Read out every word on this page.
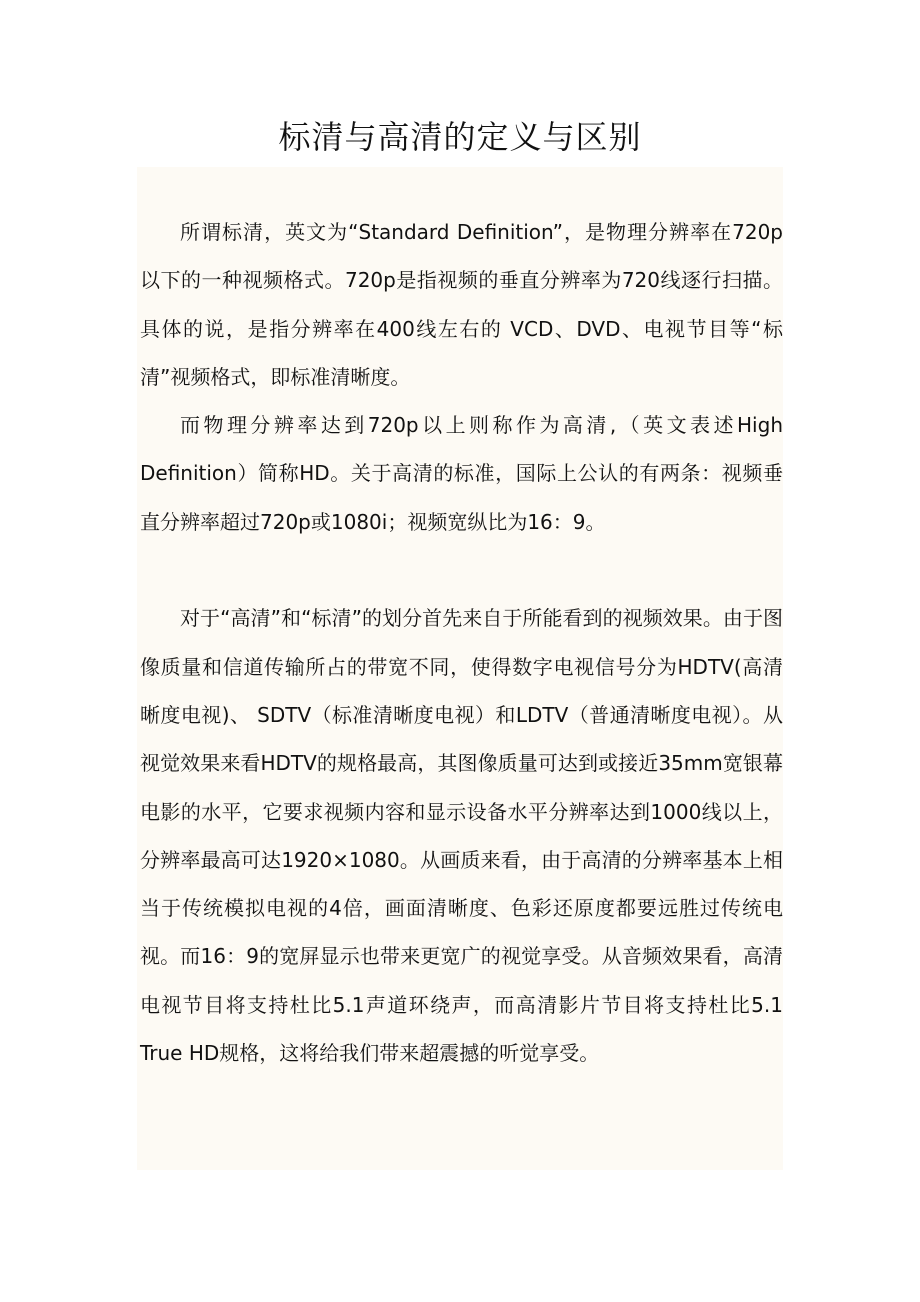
标清与高清的定义与区别

所谓标清，英文为“Standard Definition”，是物理分辨率在720p以下的一种视频格式。720p是指视频的垂直分辨率为720线逐行扫描。具体的说，是指分辨率在400线左右的 VCD、DVD、电视节目等“标清”视频格式，即标准清晰度。

而物理分辨率达到720p以上则称作为高清,（英文表述High Definition）简称HD。关于高清的标准，国际上公认的有两条：视频垂直分辨率超过720p或1080i；视频宽纵比为16：9。

对于“高清”和“标清”的划分首先来自于所能看到的视频效果。由于图像质量和信道传输所占的带宽不同，使得数字电视信号分为HDTV(高清晰度电视)、 SDTV（标准清晰度电视）和LDTV（普通清晰度电视）。从视觉效果来看HDTV的规格最高，其图像质量可达到或接近35mm宽银幕电影的水平，它要求视频内容和显示设备水平分辨率达到1000线以上，分辨率最高可达1920×1080。从画质来看，由于高清的分辨率基本上相当于传统模拟电视的4倍，画面清晰度、色彩还原度都要远胜过传统电视。而16：9的宽屏显示也带来更宽广的视觉享受。从音频效果看，高清电视节目将支持杜比5.1声道环绕声，而高清影片节目将支持杜比5.1 True HD规格，这将给我们带来超震撼的听觉享受。
